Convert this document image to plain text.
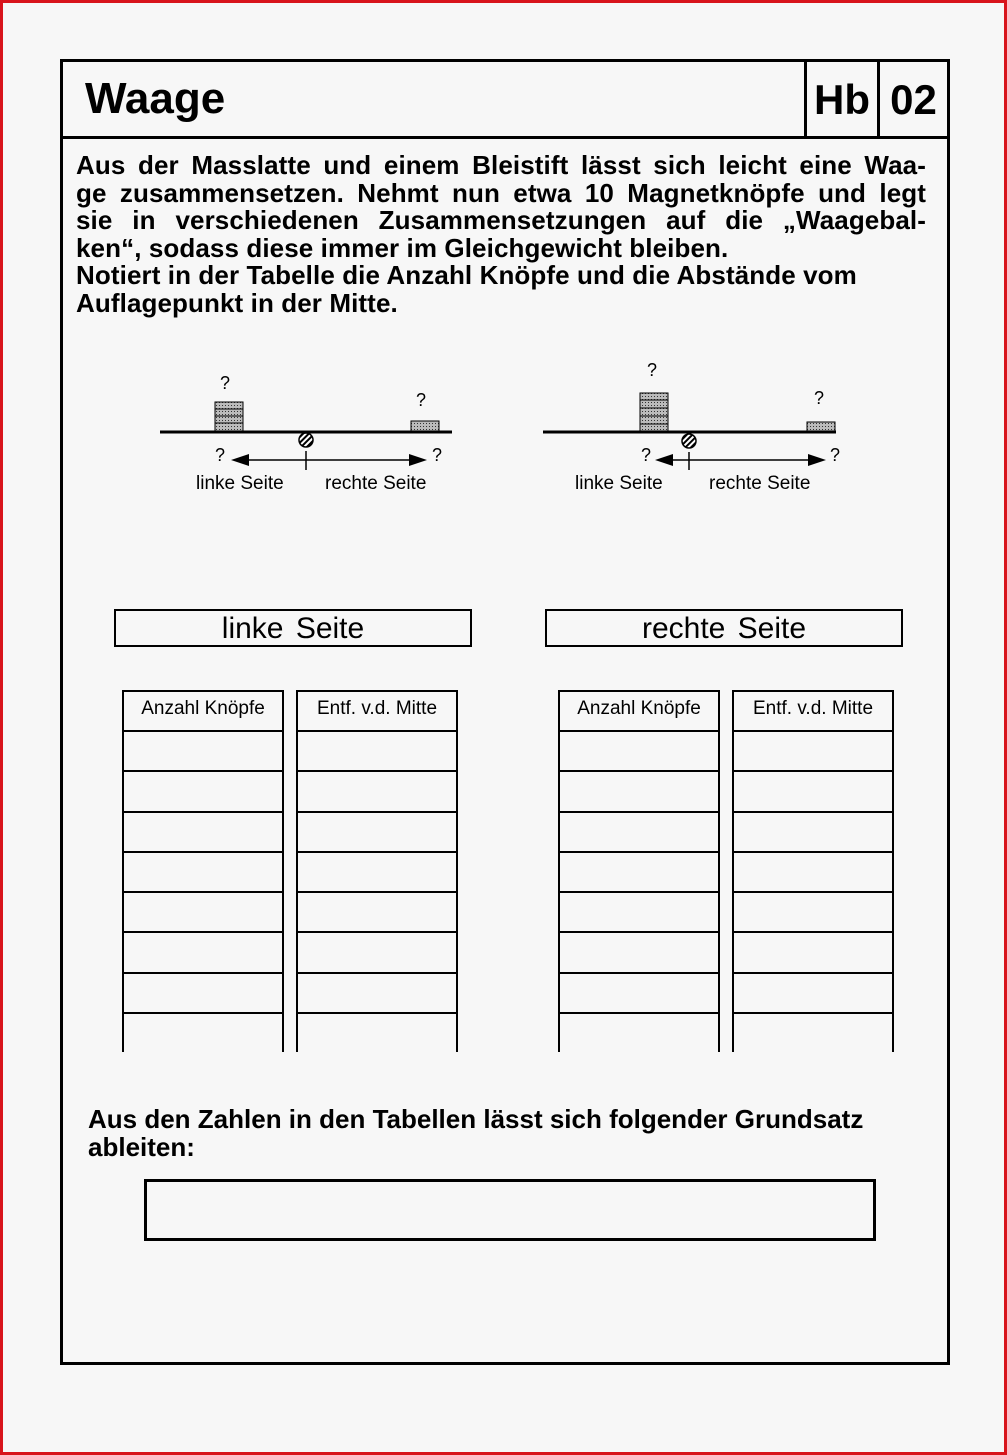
Waage	Hb 02
Aus der Masslatte und einem Bleistift lässt sich leicht eine Waa-
ge zusammensetzen. Nehmt nun etwa 10 Magnetknöpfe und legt
sie in verschiedenen Zusammensetzungen auf die „Waagebal-
ken“, sodass diese immer im Gleichgewicht bleiben.
Notiert in der Tabelle die Anzahl Knöpfe und die Abstände vom
Auflagepunkt in der Mitte.
?
?
?	?
linke Seite rechte Seite
?
?
?	?
linke Seite rechte Seite
linke Seite	rechte Seite
Anzahl Knöpfe	Entf. v.d. Mitte	Anzahl Knöpfe	Entf. v.d. Mitte
Aus den Zahlen in den Tabellen lässt sich folgender Grundsatz
ableiten:
